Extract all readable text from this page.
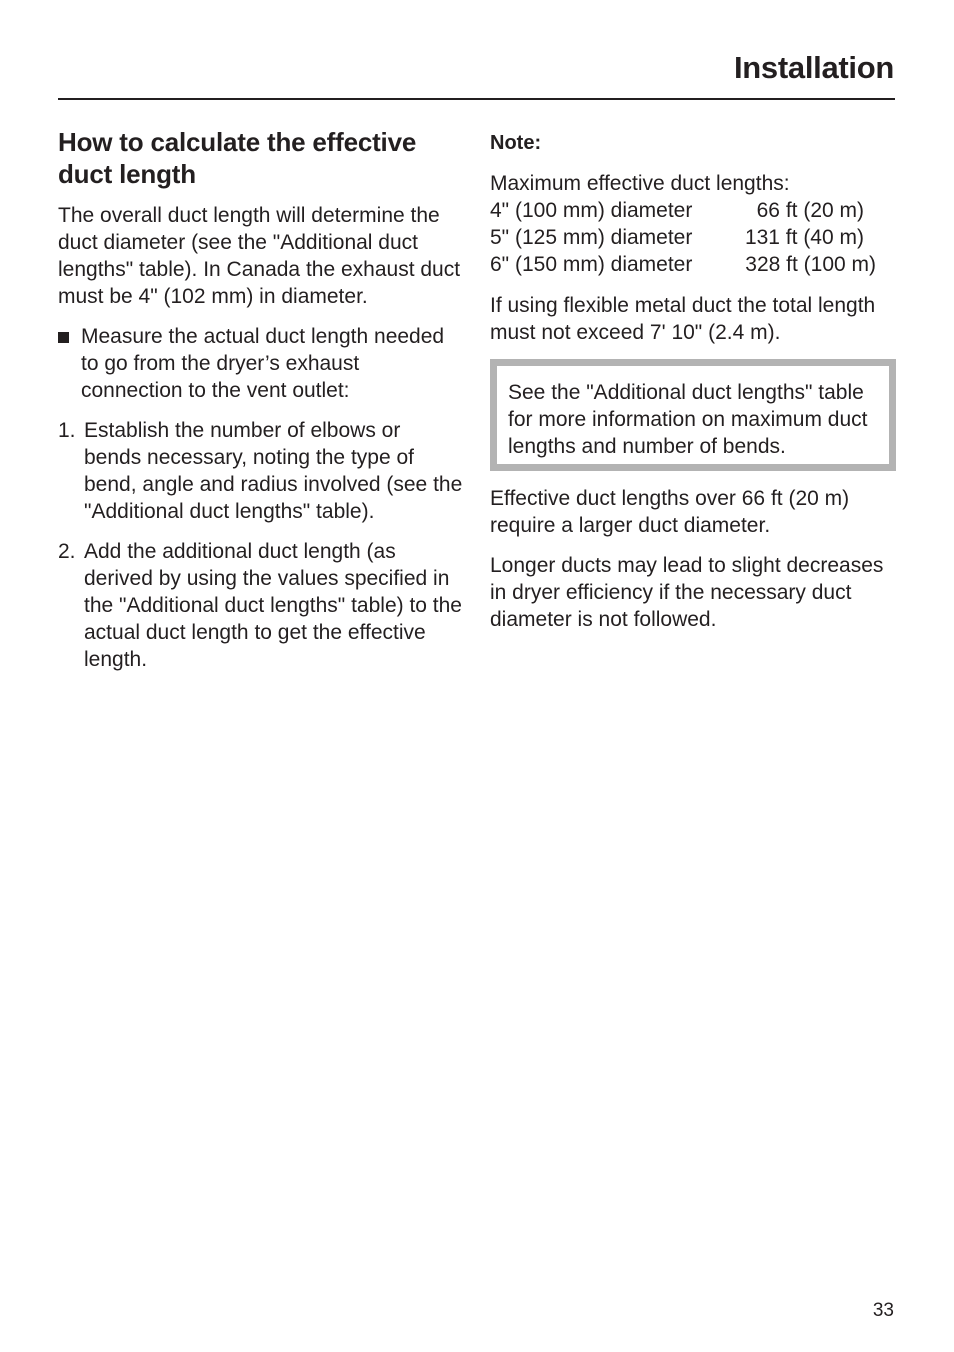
Installation
How to calculate the effective duct length

The overall duct length will determine the duct diameter (see the "Additional duct lengths" table). In Canada the exhaust duct must be 4" (102 mm) in diameter.

Measure the actual duct length needed to go from the dryer’s exhaust connection to the vent outlet:
1. Establish the number of elbows or bends necessary, noting the type of bend, angle and radius involved (see the "Additional duct lengths" table).
2. Add the additional duct length (as derived by using the values specified in the "Additional duct lengths" table) to the actual duct length to get the effective length.
Note:
Maximum effective duct lengths:
4" (100 mm) diameter	66 ft (20 m)
5" (125 mm) diameter	131 ft (40 m)
6" (150 mm) diameter	328 ft (100 m)

If using flexible metal duct the total length must not exceed 7' 10" (2.4 m).

See the "Additional duct lengths" table for more information on maximum duct lengths and number of bends.

Effective duct lengths over 66 ft (20 m) require a larger duct diameter.

Longer ducts may lead to slight decreases in dryer efficiency if the necessary duct diameter is not followed.

33
